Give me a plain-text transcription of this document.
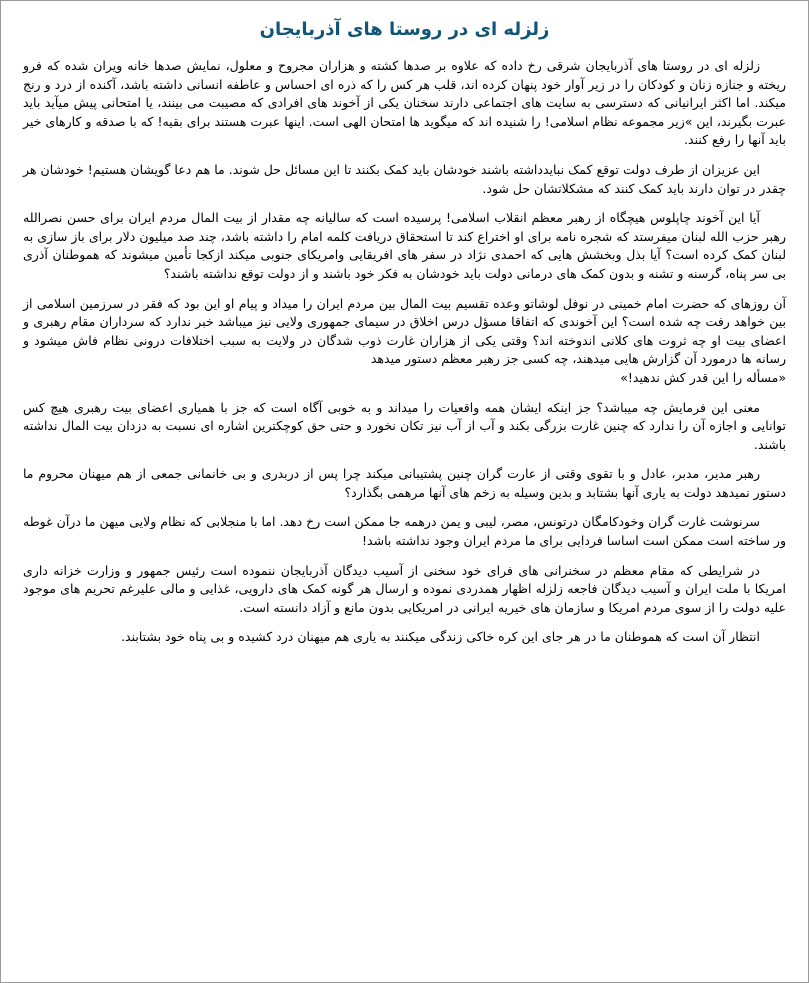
زلزله ای در روستا های آذربایجان

زلزله ای در روستا های آذربایجان شرقی رخ داده که علاوه بر صدها کشته و هزاران مجروح و معلول، نمایش صدها خانه ویران شده که فرو ریخته و جنازه زنان و کودکان را در زیر آوار خود پنهان کرده اند، قلب هر کس را که ذره ای احساس و عاطفه انسانی داشته باشد، آکنده از درد و رنج میکند. اما اکثر ایرانیانی که دسترسی به سایت های اجتماعی دارند سخنان یکی از آخوند های افرادی که مصیبت می بینند، یا امتحانی پیش میآید باید عبرت بگیرند، این »زیر مجموعه نظام اسلامی! را شنیده اند که میگوید ها امتحان الهی است. اینها عبرت هستند برای بقیه! که با صدقه و کارهای خیر باید آنها را رفع کنند.

این عزیزان از طرف دولت توقع کمک نبایدداشته باشند خودشان باید کمک بکنند تا این مسائل حل شوند. ما هم دعا گویشان هستیم! خودشان هر چقدر در توان دارند باید کمک کنند که مشکلاتشان حل شود.

آیا این آخوند چاپلوس هیچگاه از رهبر معظم انقلاب اسلامی! پرسیده است که سالیانه چه مقدار از بیت المال مردم ایران برای حسن نصرالله رهبر حزب الله لبنان میفرستد که شجره نامه برای او اختراع کند تا استحقاق دریافت کلمه امام را داشته باشد، چند صد میلیون دلار برای باز سازی به لبنان کمک کرده است؟ آیا بذل وبخشش هایی که احمدی نژاد در سفر های افریقایی وامریکای جنوبی میکند ازکجا تأمین میشوند که هموطنان آذری بی سر پناه، گرسنه و تشنه و بدون کمک های درمانی دولت باید خودشان به فکر خود باشند و از دولت توقع نداشته باشند؟

آن روزهای که حضرت امام خمینی در نوفل لوشاتو وعده تقسیم بیت المال بین مردم ایران را میداد و پیام او این بود که فقر در سرزمین اسلامی از بین خواهد رفت چه شده است؟ این آخوندی که اتفاقا مسؤل درس اخلاق در سیمای جمهوری ولایی نیز میباشد خبر ندارد که سرداران مقام رهبری و اعضای بیت او چه ثروت های کلانی اندوخته اند؟ وقتی یکی از هزاران غارت ذوب شدگان در ولایت به سبب اختلافات درونی نظام فاش میشود و رسانه ها درمورد آن گزارش هایی میدهند، چه کسی جز رهبر معظم دستور میدهد

«مسأله را این قدر کش ندهید!»

معنی این فرمایش چه میباشد؟ جز اینکه ایشان همه واقعیات را میداند و به خوبی آگاه است که جز با همیاری اعضای بیت رهبری هیچ کس توانایی و اجازه آن را ندارد که چنین غارت بزرگی بکند و آب از آب نیز تکان نخورد و حتی حق کوچکترین اشاره ای نسبت به دزدان بیت المال نداشته باشند.

رهبر مدیر، مدبر، عادل و با تقوی وقتی از عارت گران چنین پشتیبانی میکند چرا پس از دربدری و بی خانمانی جمعی از هم میهنان محروم ما دستور نمیدهد دولت به یاری آنها بشتابد و بدین وسیله به زخم های آنها مرهمی بگذارد؟

سرنوشت غارت گران وخودکامگان درتونس، مصر، لیبی و یمن درهمه جا ممکن است رخ دهد. اما با منجلابی که نظام ولایی میهن ما درآن غوطه ور ساخته است ممکن است اساسا فردایی برای ما مردم ایران وجود نداشته باشد!

در شرایطی که مقام معظم در سخنرانی های فرای خود سخنی از آسیب دیدگان آذربایجان ننموده است رئیس جمهور و وزارت خزانه داری امریکا با ملت ایران و آسیب دیدگان فاجعه زلزله اظهار همدردی نموده و ارسال هر گونه کمک های دارویی، غذایی و مالی علیرغم تحریم های موجود علیه دولت را از سوی مردم امریکا و سازمان های خیریه ایرانی در امریکایی بدون مانع و آزاد دانسته است.

انتظار آن است که هموطنان ما در هر جای این کره خاکی زندگی میکنند به یاری هم میهنان درد کشیده و بی پناه خود بشتابند.
